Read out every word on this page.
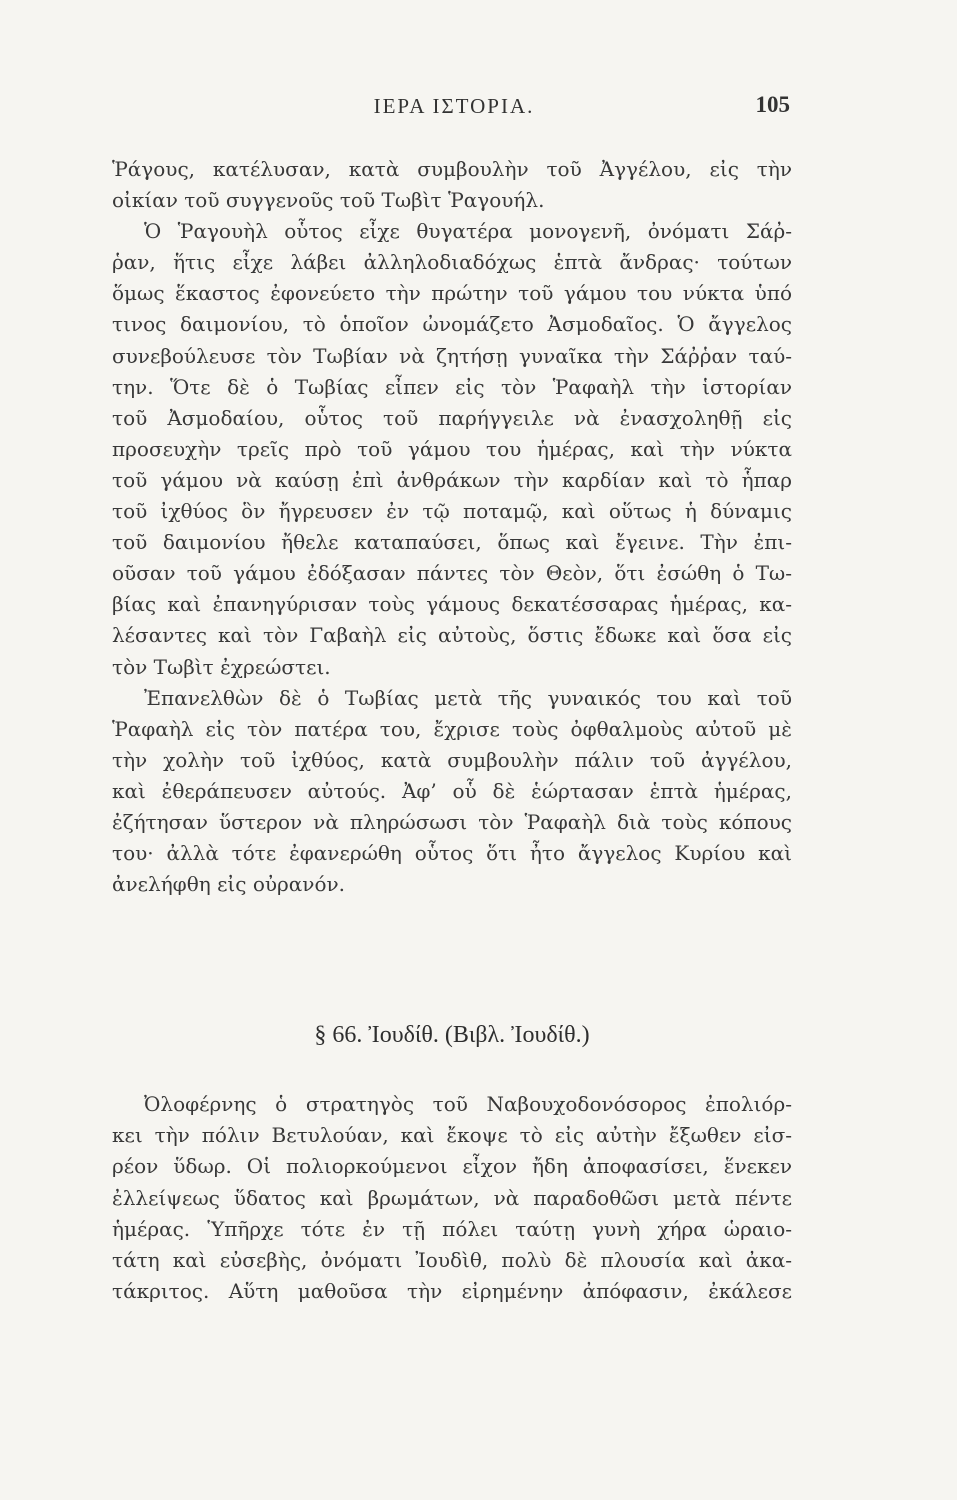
ΙΕΡΑ ΙΣΤΟΡΙΑ.	105

Ῥάγους, κατέλυσαν, κατὰ συμβουλὴν τοῦ Ἀγγέλου, εἰς τὴν
οἰκίαν τοῦ συγγενοῦς τοῦ Τωβὶτ Ῥαγουήλ.

Ὁ Ῥαγουὴλ οὗτος εἶχε θυγατέρα μονογενῆ, ὀνόματι Σάῤ-
ῥαν, ἥτις εἶχε λάβει ἀλληλοδιαδόχως ἑπτὰ ἄνδρας· τούτων
ὅμως ἕκαστος ἐφονεύετο τὴν πρώτην τοῦ γάμου του νύκτα ὑπό
τινος δαιμονίου, τὸ ὁποῖον ὠνομάζετο Ἀσμοδαῖος. Ὁ ἄγγελος
συνεβούλευσε τὸν Τωβίαν νὰ ζητήσῃ γυναῖκα τὴν Σάῤῥαν ταύ-
την. Ὅτε δὲ ὁ Τωβίας εἶπεν εἰς τὸν Ῥαφαὴλ τὴν ἱστορίαν
τοῦ Ἀσμοδαίου, οὗτος τοῦ παρήγγειλε νὰ ἐνασχοληθῇ εἰς
προσευχὴν τρεῖς πρὸ τοῦ γάμου του ἡμέρας, καὶ τὴν νύκτα
τοῦ γάμου νὰ καύσῃ ἐπὶ ἀνθράκων τὴν καρδίαν καὶ τὸ ἧπαρ
τοῦ ἰχθύος ὃν ἤγρευσεν ἐν τῷ ποταμῷ, καὶ οὕτως ἡ δύναμις
τοῦ δαιμονίου ἤθελε καταπαύσει, ὅπως καὶ ἔγεινε. Τὴν ἐπι-
οῦσαν τοῦ γάμου ἐδόξασαν πάντες τὸν Θεὸν, ὅτι ἐσώθη ὁ Τω-
βίας καὶ ἐπανηγύρισαν τοὺς γάμους δεκατέσσαρας ἡμέρας, κα-
λέσαντες καὶ τὸν Γαβαὴλ εἰς αὐτοὺς, ὅστις ἔδωκε καὶ ὅσα εἰς
τὸν Τωβὶτ ἐχρεώστει.

Ἐπανελθὼν δὲ ὁ Τωβίας μετὰ τῆς γυναικός του καὶ τοῦ
Ῥαφαὴλ εἰς τὸν πατέρα του, ἔχρισε τοὺς ὀφθαλμοὺς αὐτοῦ μὲ
τὴν χολὴν τοῦ ἰχθύος, κατὰ συμβουλὴν πάλιν τοῦ ἀγγέλου,
καὶ ἐθεράπευσεν αὐτούς. Ἀφ’ οὗ δὲ ἑώρτασαν ἑπτὰ ἡμέρας,
ἐζήτησαν ὕστερον νὰ πληρώσωσι τὸν Ῥαφαὴλ διὰ τοὺς κόπους
του· ἀλλὰ τότε ἐφανερώθη οὗτος ὅτι ἦτο ἄγγελος Κυρίου καὶ
ἀνελήφθη εἰς οὐρανόν.

§ 66. Ἰουδίθ. (Βιβλ. Ἰουδίθ.)

Ὀλοφέρνης ὁ στρατηγὸς τοῦ Ναβουχοδονόσορος ἐπολιόρ-
κει τὴν πόλιν Βετυλούαν, καὶ ἔκοψε τὸ εἰς αὐτὴν ἔξωθεν εἰσ-
ρέον ὕδωρ. Οἱ πολιορκούμενοι εἶχον ἤδη ἀποφασίσει, ἕνεκεν
ἐλλείψεως ὕδατος καὶ βρωμάτων, νὰ παραδοθῶσι μετὰ πέντε
ἡμέρας. Ὑπῆρχε τότε ἐν τῇ πόλει ταύτῃ γυνὴ χήρα ὡραιο-
τάτη καὶ εὐσεβὴς, ὀνόματι Ἰουδὶθ, πολὺ δὲ πλουσία καὶ ἀκα-
τάκριτος. Αὕτη μαθοῦσα τὴν εἰρημένην ἀπόφασιν, ἐκάλεσε
